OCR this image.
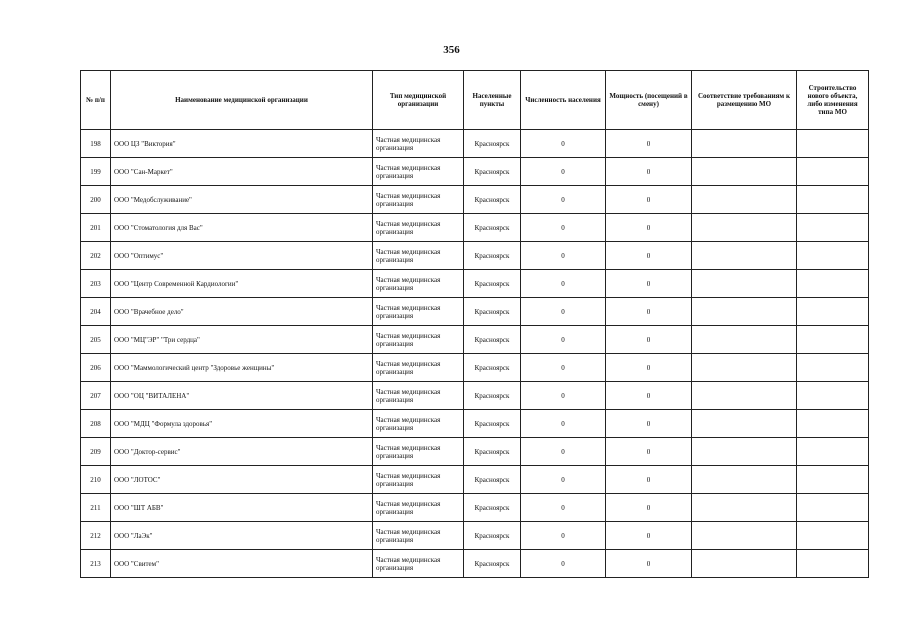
356
№ п/п	Наименование медицинской организации	Тип медицинской организации	Населенные пункты	Численность населения	Мощность (посещений в смену)	Соответствие требованиям к размещению МО	Строительство нового объекта, либо изменения типа МО
198	ООО ЦЗ "Виктория"	Частная медицинская организация	Красноярск	0	0		
199	ООО "Сан-Маркет"	Частная медицинская организация	Красноярск	0	0		
200	ООО "Медобслуживание"	Частная медицинская организация	Красноярск	0	0		
201	ООО "Стоматология для Вас"	Частная медицинская организация	Красноярск	0	0		
202	ООО "Оптимус"	Частная медицинская организация	Красноярск	0	0		
203	ООО "Центр Современной Кардиологии"	Частная медицинская организация	Красноярск	0	0		
204	ООО "Врачебное дело"	Частная медицинская организация	Красноярск	0	0		
205	ООО "МЦ"ЭР" "Три сердца"	Частная медицинская организация	Красноярск	0	0		
206	ООО "Маммологический центр "Здоровье женщины"	Частная медицинская организация	Красноярск	0	0		
207	ООО "ОЦ "ВИТАЛЕНА"	Частная медицинская организация	Красноярск	0	0		
208	ООО "МДЦ "Формула здоровья"	Частная медицинская организация	Красноярск	0	0		
209	ООО "Доктор-сервис"	Частная медицинская организация	Красноярск	0	0		
210	ООО "ЛОТОС"	Частная медицинская организация	Красноярск	0	0		
211	ООО "ШТ АБВ"	Частная медицинская организация	Красноярск	0	0		
212	ООО "ЛаЭк"	Частная медицинская организация	Красноярск	0	0		
213	ООО "Свитем"	Частная медицинская организация	Красноярск	0	0		
